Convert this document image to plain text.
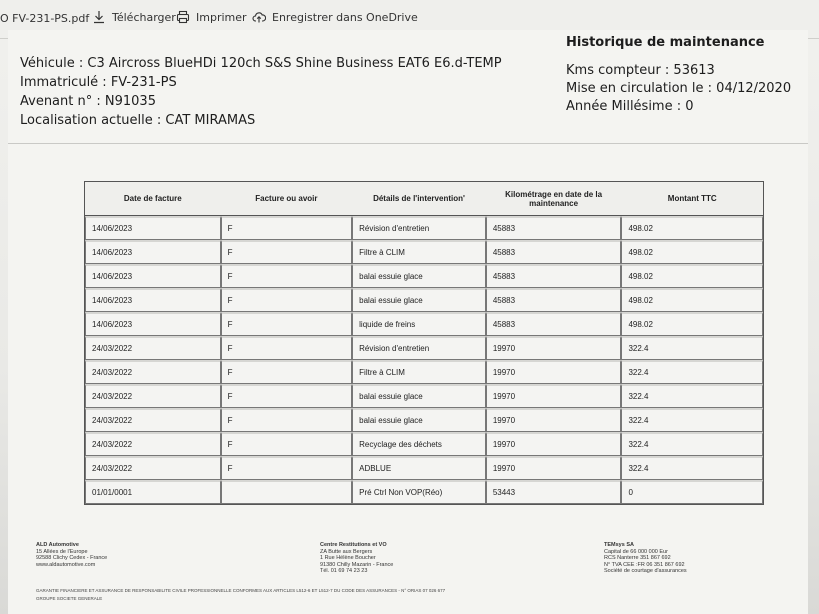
O FV-231-PS.pdf Télécharger Imprimer Enregistrer dans OneDrive
Véhicule : C3 Aircross BlueHDi 120ch S&S Shine Business EAT6 E6.d-TEMP
Immatriculé : FV-231-PS
Avenant n° : N91035
Localisation actuelle : CAT MIRAMAS
Historique de maintenance
Kms compteur : 53613
Mise en circulation le : 04/12/2020
Année Millésime : 0
Date de facture	Facture ou avoir	Détails de l'intervention'	Kilométrage en date de la maintenance	Montant TTC
14/06/2023	F	Révision d'entretien	45883	498.02
14/06/2023	F	Filtre à CLIM	45883	498.02
14/06/2023	F	balai essuie glace	45883	498.02
14/06/2023	F	balai essuie glace	45883	498.02
14/06/2023	F	liquide de freins	45883	498.02
24/03/2022	F	Révision d'entretien	19970	322.4
24/03/2022	F	Filtre à CLIM	19970	322.4
24/03/2022	F	balai essuie glace	19970	322.4
24/03/2022	F	balai essuie glace	19970	322.4
24/03/2022	F	Recyclage des déchets	19970	322.4
24/03/2022	F	ADBLUE	19970	322.4
01/01/0001		Pré Ctrl Non VOP(Réo)	53443	0
ALD Automotive
15 Allées de l'Europe
92588 Clichy Cedex - France
www.aldautomotive.com
Centre Restitutions et VO
ZA Butte aux Bergers
1 Rue Hélène Boucher
91380 Chilly Mazarin - France
Tél. 01 69 74 23 23
TEMsys SA
Capital de 66 000 000 Eur
RCS Nanterre 351 867 692
N° TVA CEE :FR 06 351 867 692
Société de courtage d'assurances
GARANTIE FINANCIERE ET ASSURANCE DE RESPONSABILITE CIVILE PROFESSIONNELLE CONFORMES AUX ARTICLES L512-6 ET L512-7 DU CODE DES ASSURANCES - N° ORIAS 07 026 677
GROUPE SOCIETE GENERALE
